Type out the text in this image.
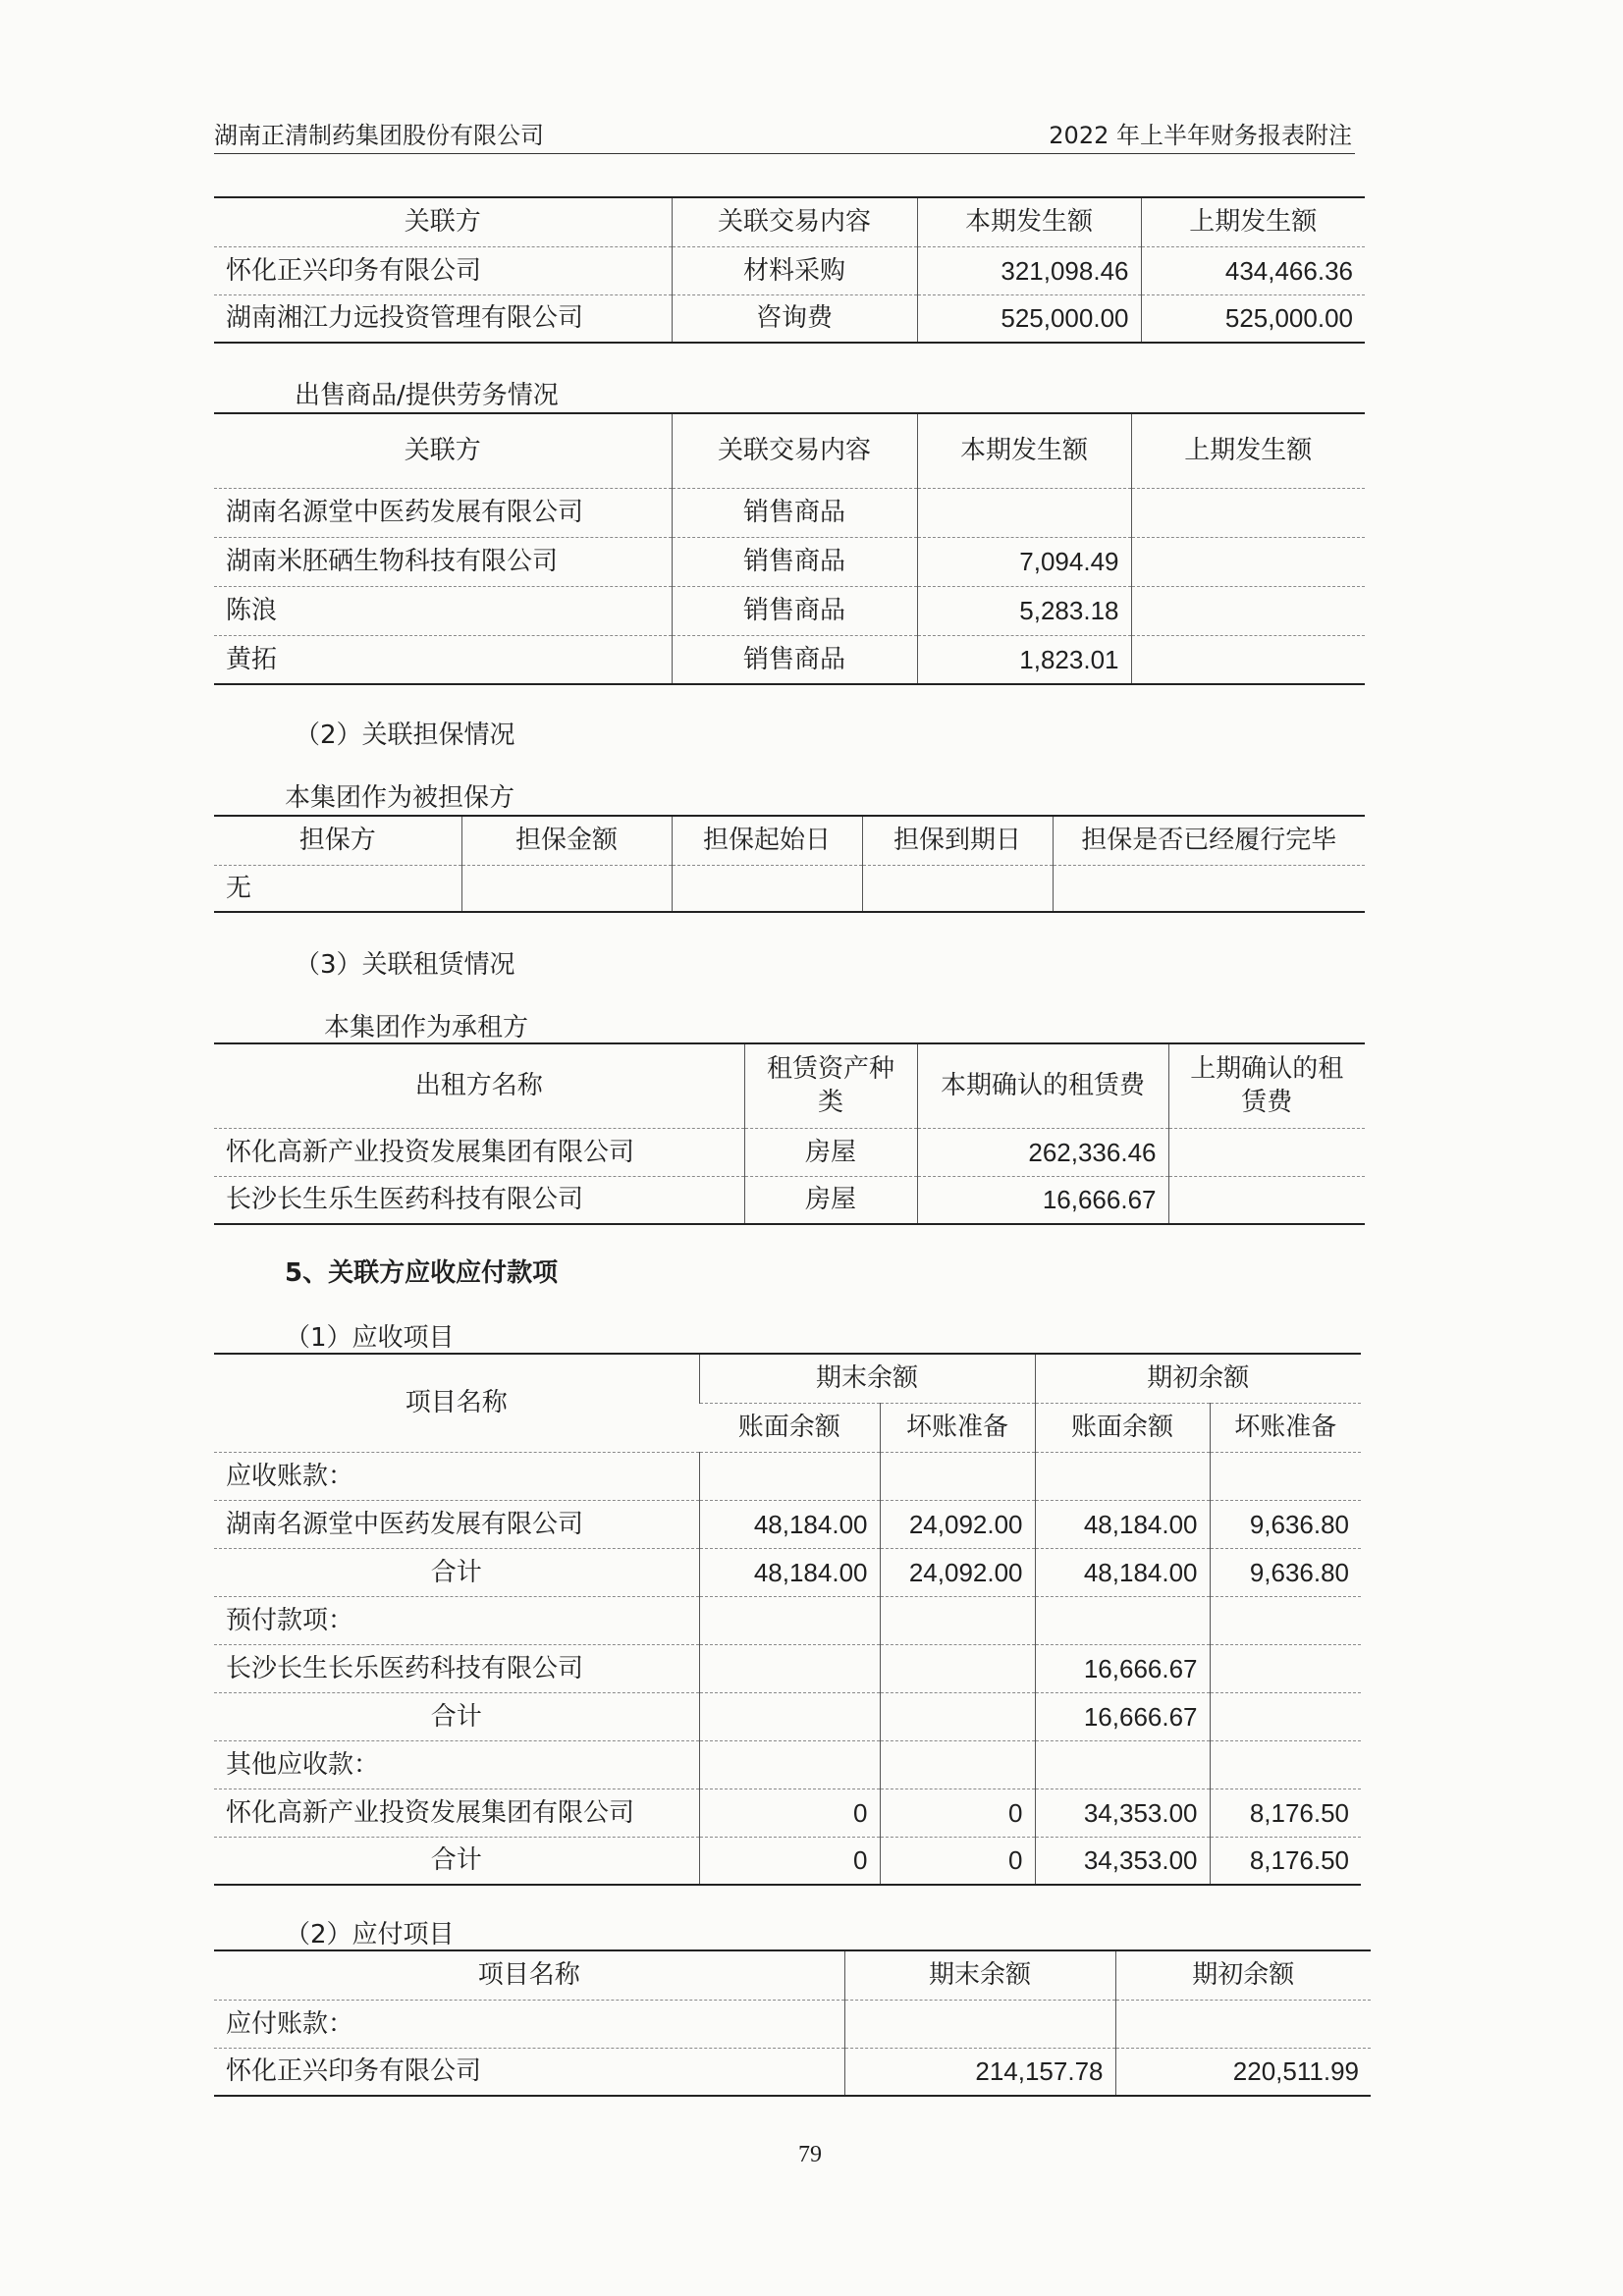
湖南正清制药集团股份有限公司	2022 年上半年财务报表附注
关联方	关联交易内容	本期发生额	上期发生额
怀化正兴印务有限公司	材料采购	321,098.46	434,466.36
湖南湘江力远投资管理有限公司	咨询费	525,000.00	525,000.00
出售商品/提供劳务情况
关联方	关联交易内容	本期发生额	上期发生额
湖南名源堂中医药发展有限公司	销售商品		
湖南米胚硒生物科技有限公司	销售商品	7,094.49	
陈浪	销售商品	5,283.18	
黄拓	销售商品	1,823.01	
（2）关联担保情况
本集团作为被担保方
担保方	担保金额	担保起始日	担保到期日	担保是否已经履行完毕
无				
（3）关联租赁情况
本集团作为承租方
出租方名称	租赁资产种类	本期确认的租赁费	上期确认的租赁费
怀化高新产业投资发展集团有限公司	房屋	262,336.46	
长沙长生乐生医药科技有限公司	房屋	16,666.67	
5、关联方应收应付款项
（1）应收项目
项目名称	期末余额		期初余额	
	账面余额	坏账准备	账面余额	坏账准备
应收账款：				
湖南名源堂中医药发展有限公司	48,184.00	24,092.00	48,184.00	9,636.80
合计	48,184.00	24,092.00	48,184.00	9,636.80
预付款项：				
长沙长生长乐医药科技有限公司			16,666.67	
合计			16,666.67	
其他应收款：				
怀化高新产业投资发展集团有限公司	0	0	34,353.00	8,176.50
合计	0	0	34,353.00	8,176.50
（2）应付项目
项目名称	期末余额	期初余额
应付账款：		
怀化正兴印务有限公司	214,157.78	220,511.99
79
